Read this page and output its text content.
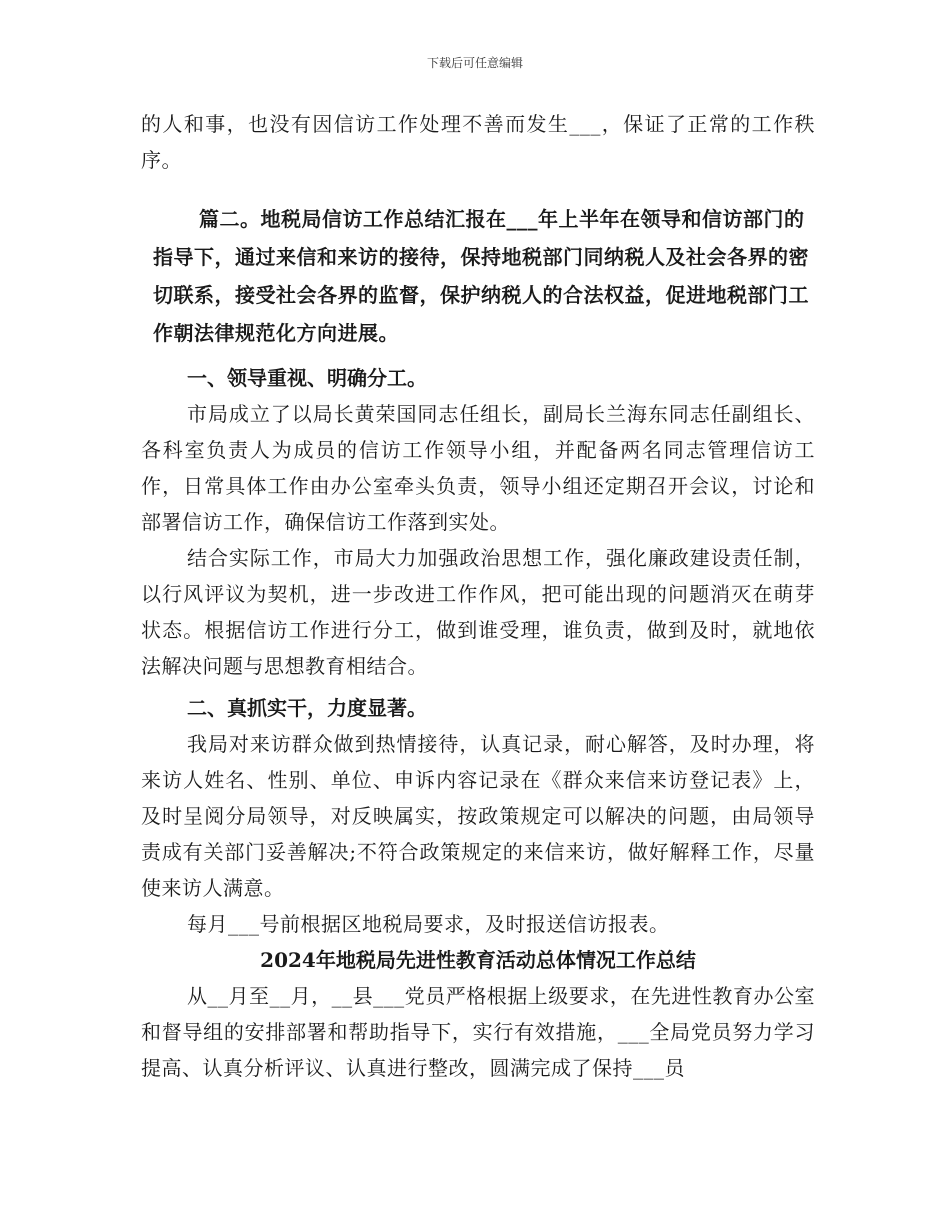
下载后可任意编辑

的人和事，也没有因信访工作处理不善而发生___，保证了正常的工作秩序。

篇二。地税局信访工作总结汇报在___年上半年在领导和信访部门的指导下，通过来信和来访的接待，保持地税部门同纳税人及社会各界的密切联系，接受社会各界的监督，保护纳税人的合法权益，促进地税部门工作朝法律规范化方向进展。

一、领导重视、明确分工。

市局成立了以局长黄荣国同志任组长，副局长兰海东同志任副组长、各科室负责人为成员的信访工作领导小组，并配备两名同志管理信访工作，日常具体工作由办公室牵头负责，领导小组还定期召开会议，讨论和部署信访工作，确保信访工作落到实处。

结合实际工作，市局大力加强政治思想工作，强化廉政建设责任制，以行风评议为契机，进一步改进工作作风，把可能出现的问题消灭在萌芽状态。根据信访工作进行分工，做到谁受理，谁负责，做到及时，就地依法解决问题与思想教育相结合。

二、真抓实干，力度显著。

我局对来访群众做到热情接待，认真记录，耐心解答，及时办理，将来访人姓名、性别、单位、申诉内容记录在《群众来信来访登记表》上，及时呈阅分局领导，对反映属实，按政策规定可以解决的问题，由局领导责成有关部门妥善解决;不符合政策规定的来信来访，做好解释工作，尽量使来访人满意。

每月___号前根据区地税局要求，及时报送信访报表。

2024年地税局先进性教育活动总体情况工作总结

从__月至__月，__县___党员严格根据上级要求，在先进性教育办公室和督导组的安排部署和帮助指导下，实行有效措施，___全局党员努力学习提高、认真分析评议、认真进行整改，圆满完成了保持___员
